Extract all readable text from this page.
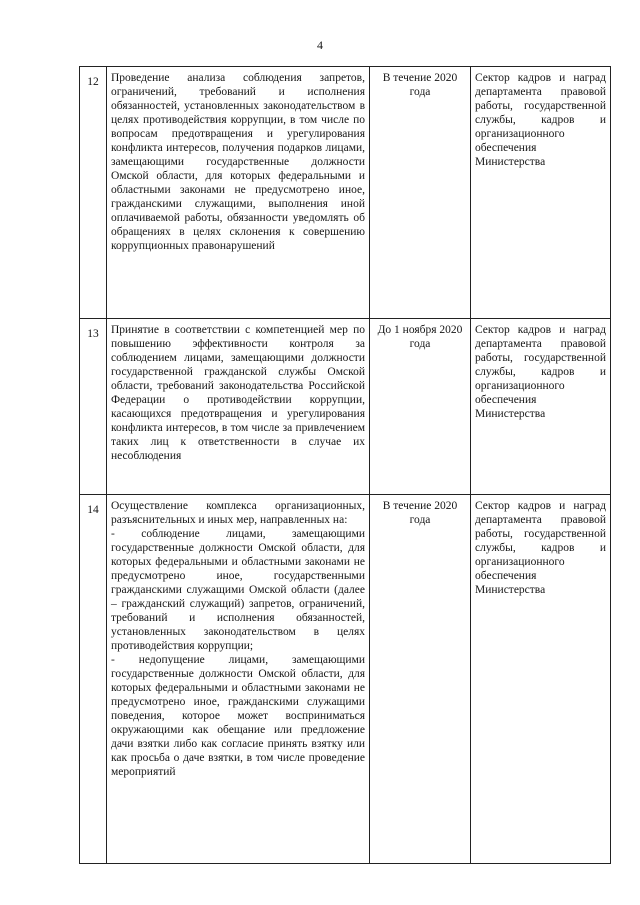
4
12	Проведение анализа соблюдения запретов, ограничений, требований и исполнения обязанностей, установленных законодательством в целях противодействия коррупции, в том числе по вопросам предотвращения и урегулирования конфликта интересов, получения подарков лицами, замещающими государственные должности Омской области, для которых федеральными и областными законами не предусмотрено иное, гражданскими служащими, выполнения иной оплачиваемой работы, обязанности уведомлять об обращениях в целях склонения к совершению коррупционных правонарушений	В течение 2020 года	Сектор кадров и наград департамента правовой работы, государственной службы, кадров и организационного обеспечения Министерства
13	Принятие в соответствии с компетенцией мер по повышению эффективности контроля за соблюдением лицами, замещающими должности государственной гражданской службы Омской области, требований законодательства Российской Федерации о противодействии коррупции, касающихся предотвращения и урегулирования конфликта интересов, в том числе за привлечением таких лиц к ответственности в случае их несоблюдения	До 1 ноября 2020 года	Сектор кадров и наград департамента правовой работы, государственной службы, кадров и организационного обеспечения Министерства
14	Осуществление комплекса организационных, разъяснительных и иных мер, направленных на:

- соблюдение лицами, замещающими государственные должности Омской области, для которых федеральными и областными законами не предусмотрено иное, государственными гражданскими служащими Омской области (далее – гражданский служащий) запретов, ограничений, требований и исполнения обязанностей, установленных законодательством в целях противодействия коррупции;

- недопущение лицами, замещающими государственные должности Омской области, для которых федеральными и областными законами не предусмотрено иное, гражданскими служащими поведения, которое может восприниматься окружающими как обещание или предложение дачи взятки либо как согласие принять взятку или как просьба о даче взятки, в том числе проведение мероприятий	В течение 2020 года	Сектор кадров и наград департамента правовой работы, государственной службы, кадров и организационного обеспечения Министерства
